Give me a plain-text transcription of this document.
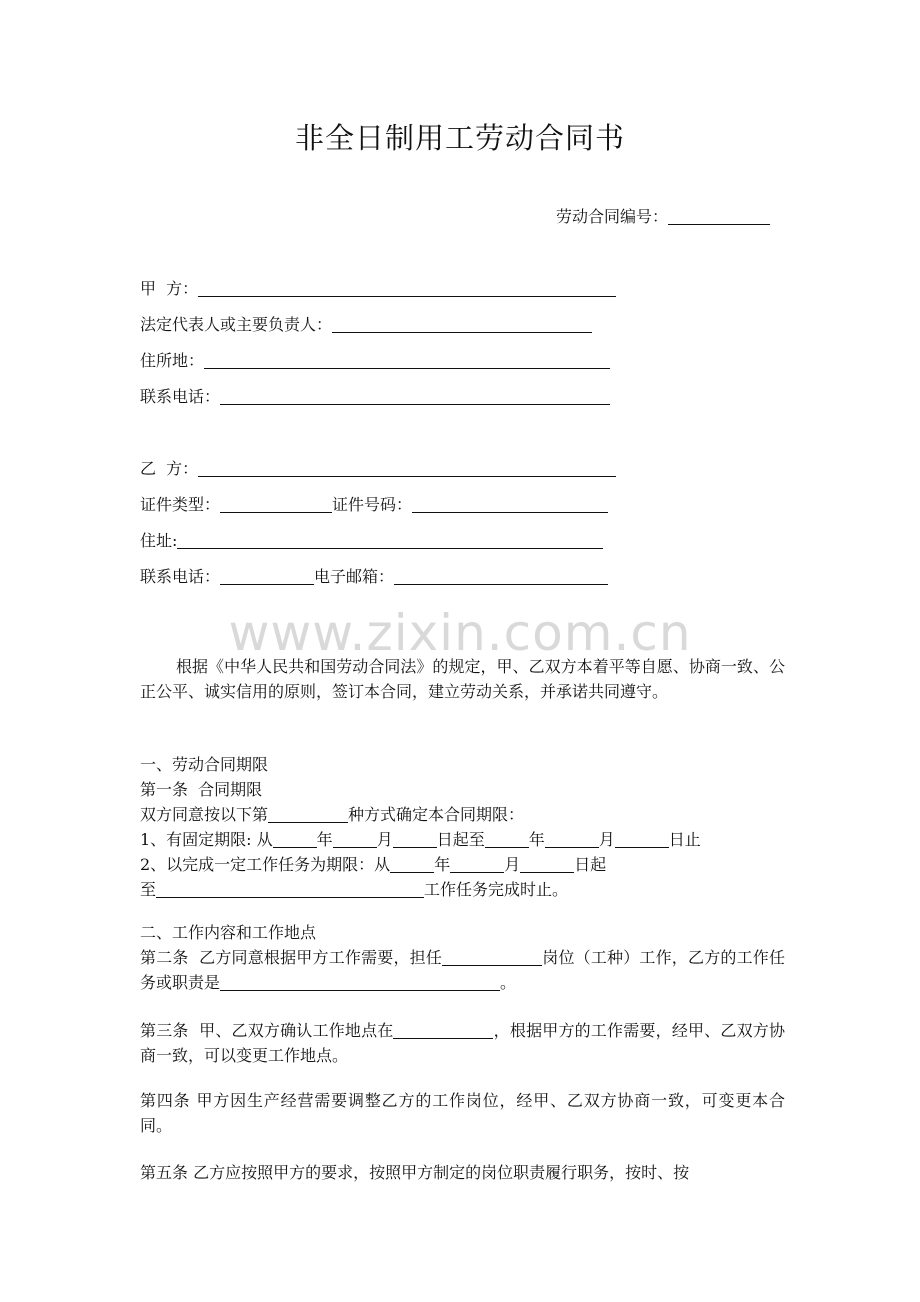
非全日制用工劳动合同书
劳动合同编号：
甲  方：
法定代表人或主要负责人：
住所地：
联系电话：
乙  方：
证件类型：	证件号码：
住址:
联系电话：	电子邮箱：
www.zixin.com.cn
根据《中华人民共和国劳动合同法》的规定，甲、乙双方本着平等自愿、协商一致、公正公平、诚实信用的原则，签订本合同，建立劳动关系，并承诺共同遵守。
一、劳动合同期限
第一条  合同期限
双方同意按以下第	种方式确定本合同期限：
1、有固定期限: 从	年	月	日起至	年	月	日止
2、以完成一定工作任务为期限：从	年	月	日起
至	工作任务完成时止。
二、工作内容和工作地点
第二条  乙方同意根据甲方工作需要，担任	岗位（工种）工作，乙方的工作任务或职责是	。
第三条  甲、乙双方确认工作地点在	，根据甲方的工作需要，经甲、乙双方协商一致，可以变更工作地点。
第四条 甲方因生产经营需要调整乙方的工作岗位，经甲、乙双方协商一致，可变更本合同。
第五条 乙方应按照甲方的要求，按照甲方制定的岗位职责履行职务，按时、按
